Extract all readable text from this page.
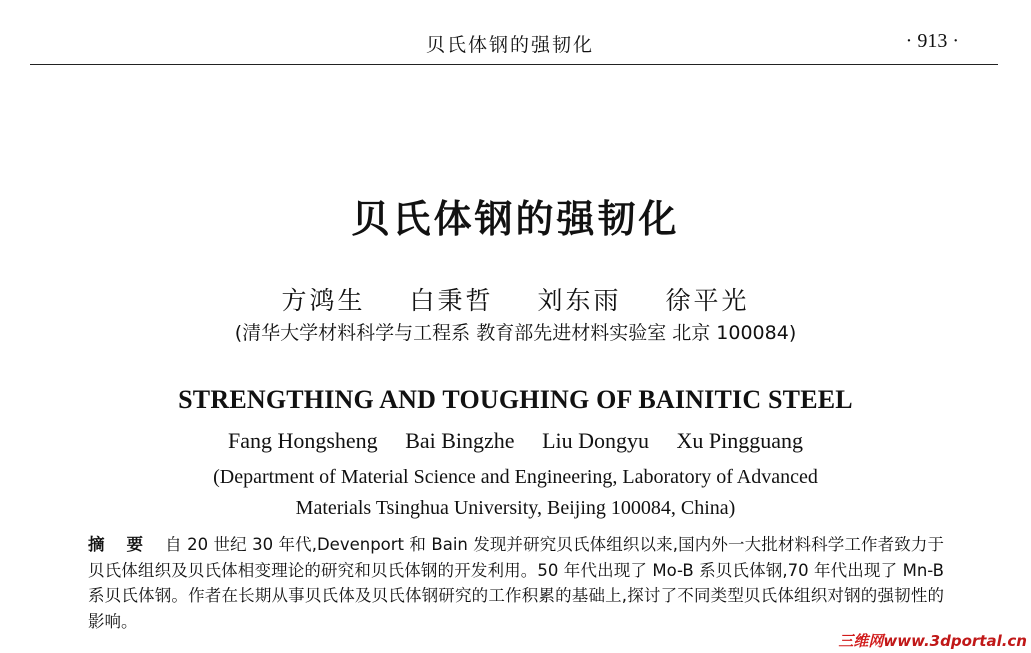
贝氏体钢的强韧化	· 913 ·
贝氏体钢的强韧化
方鸿生 白秉哲 刘东雨 徐平光
(清华大学材料科学与工程系 教育部先进材料实验室 北京 100084)
STRENGTHING AND TOUGHING OF BAINITIC STEEL
Fang Hongsheng Bai Bingzhe Liu Dongyu Xu Pingguang
(Department of Material Science and Engineering, Laboratory of Advanced
Materials Tsinghua University, Beijing 100084, China)
摘 要 自 20 世纪 30 年代,Devenport 和 Bain 发现并研究贝氏体组织以来,国内外一大批材料科学工作者致力于贝氏体组织及贝氏体相变理论的研究和贝氏体钢的开发利用。50 年代出现了 Mo-B 系贝氏体钢,70 年代出现了 Mn-B 系贝氏体钢。作者在长期从事贝氏体及贝氏体钢研究的工作积累的基础上,探讨了不同类型贝氏体组织对钢的强韧性的影响。
三维网www.3dportal.cn
